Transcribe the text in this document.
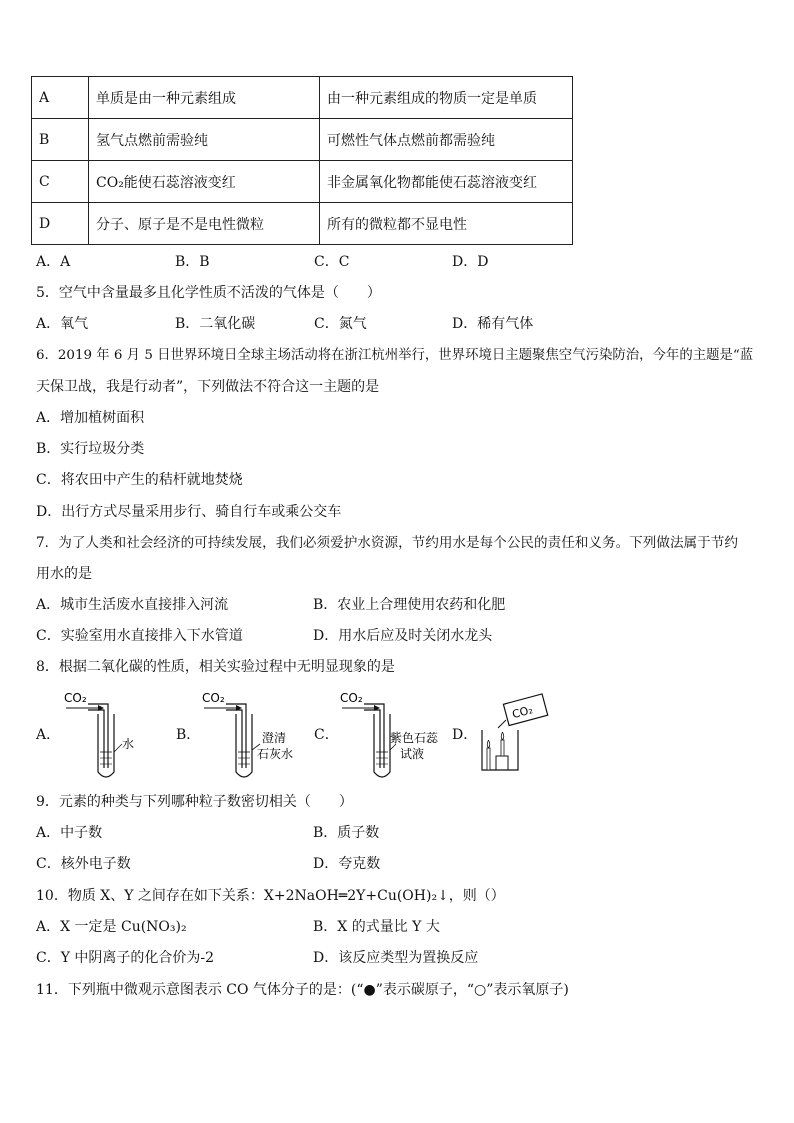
A	单质是由一种元素组成	由一种元素组成的物质一定是单质
B	氢气点燃前需验纯	可燃性气体点燃前都需验纯
C	CO₂能使石蕊溶液变红	非金属氧化物都能使石蕊溶液变红
D	分子、原子是不是电性微粒	所有的微粒都不显电性
A．A	B．B	C．C	D．D
5．空气中含量最多且化学性质不活泼的气体是（　　）
A．氧气	B．二氧化碳	C．氮气	D．稀有气体
6．2019 年 6 月 5 日世界环境日全球主场活动将在浙江杭州举行，世界环境日主题聚焦空气污染防治，今年的主题是“蓝
天保卫战，我是行动者”，下列做法不符合这一主题的是
A．增加植树面积
B．实行垃圾分类
C．将农田中产生的秸杆就地焚烧
D．出行方式尽量采用步行、骑自行车或乘公交车
7．为了人类和社会经济的可持续发展，我们必须爱护水资源，节约用水是每个公民的责任和义务。下列做法属于节约
用水的是
A．城市生活废水直接排入河流	B．农业上合理使用农药和化肥
C．实验室用水直接排入下水管道	D．用水后应及时关闭水龙头
8．根据二氧化碳的性质，相关实验过程中无明显现象的是
A．
CO₂
水
B．
CO₂
澄清
石灰水
C．
CO₂
紫色石蕊
试液
D．
CO₂
9．元素的种类与下列哪种粒子数密切相关（　　）
A．中子数	B．质子数
C．核外电子数	D．夸克数
10．物质 X、Y 之间存在如下关系：X+2NaOH═2Y+Cu(OH)₂↓，则（）
A．X 一定是 Cu(NO₃)₂	B．X 的式量比 Y 大
C．Y 中阴离子的化合价为-2	D．该反应类型为置换反应
11．下列瓶中微观示意图表示 CO 气体分子的是：(“●”表示碳原子，“○”表示氧原子)
